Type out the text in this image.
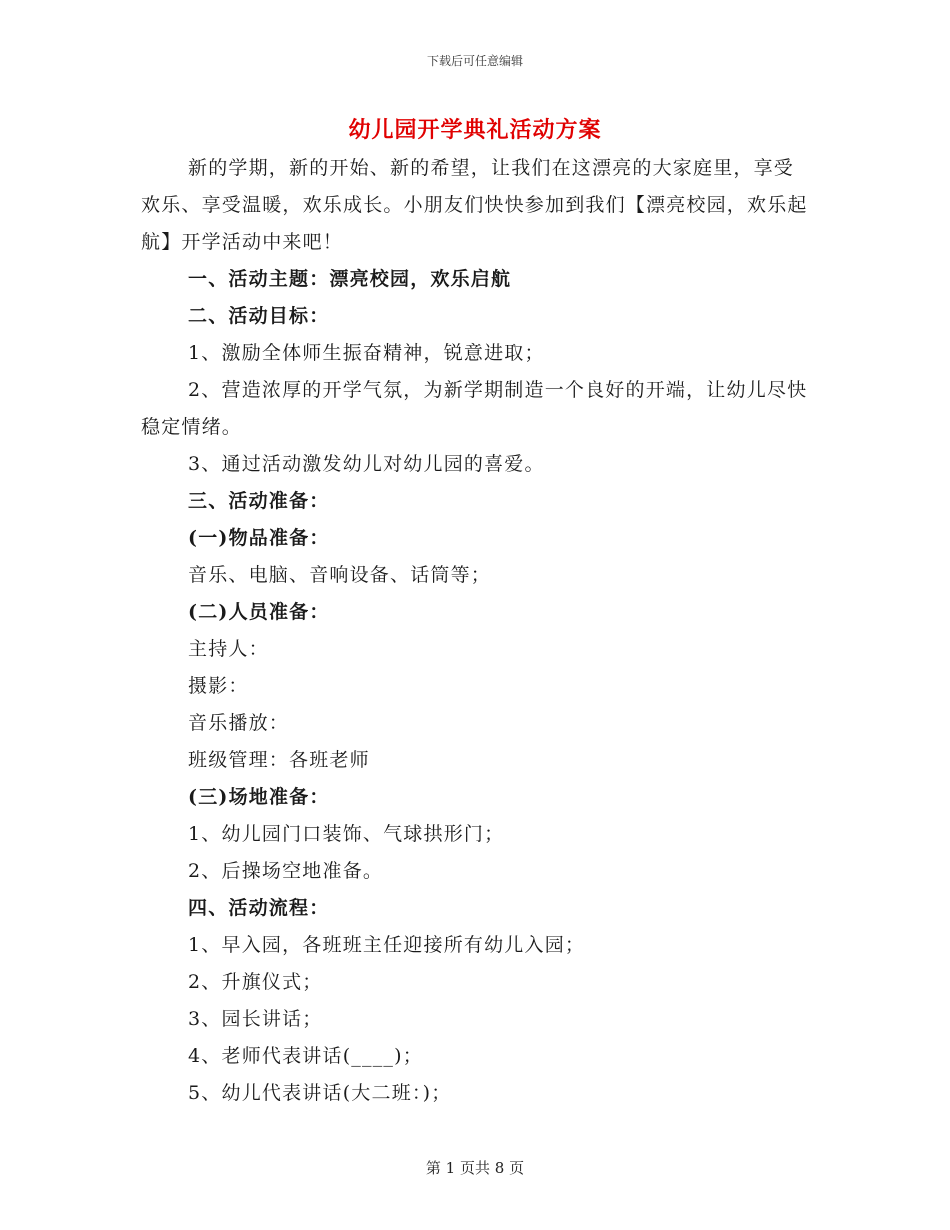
下载后可任意编辑
幼儿园开学典礼活动方案

新的学期，新的开始、新的希望，让我们在这漂亮的大家庭里，享受欢乐、享受温暖，欢乐成长。小朋友们快快参加到我们【漂亮校园，欢乐起航】开学活动中来吧！

一、活动主题：漂亮校园，欢乐启航

二、活动目标：

1、激励全体师生振奋精神，锐意进取；

2、营造浓厚的开学气氛，为新学期制造一个良好的开端，让幼儿尽快稳定情绪。

3、通过活动激发幼儿对幼儿园的喜爱。

三、活动准备：

(一)物品准备：

音乐、电脑、音响设备、话筒等；

(二)人员准备：

主持人：

摄影：

音乐播放：

班级管理：各班老师

(三)场地准备：

1、幼儿园门口装饰、气球拱形门；

2、后操场空地准备。

四、活动流程：

1、早入园，各班班主任迎接所有幼儿入园；

2、升旗仪式；

3、园长讲话；

4、老师代表讲话(____)；

5、幼儿代表讲话(大二班：)；

第 1 页共 8 页
